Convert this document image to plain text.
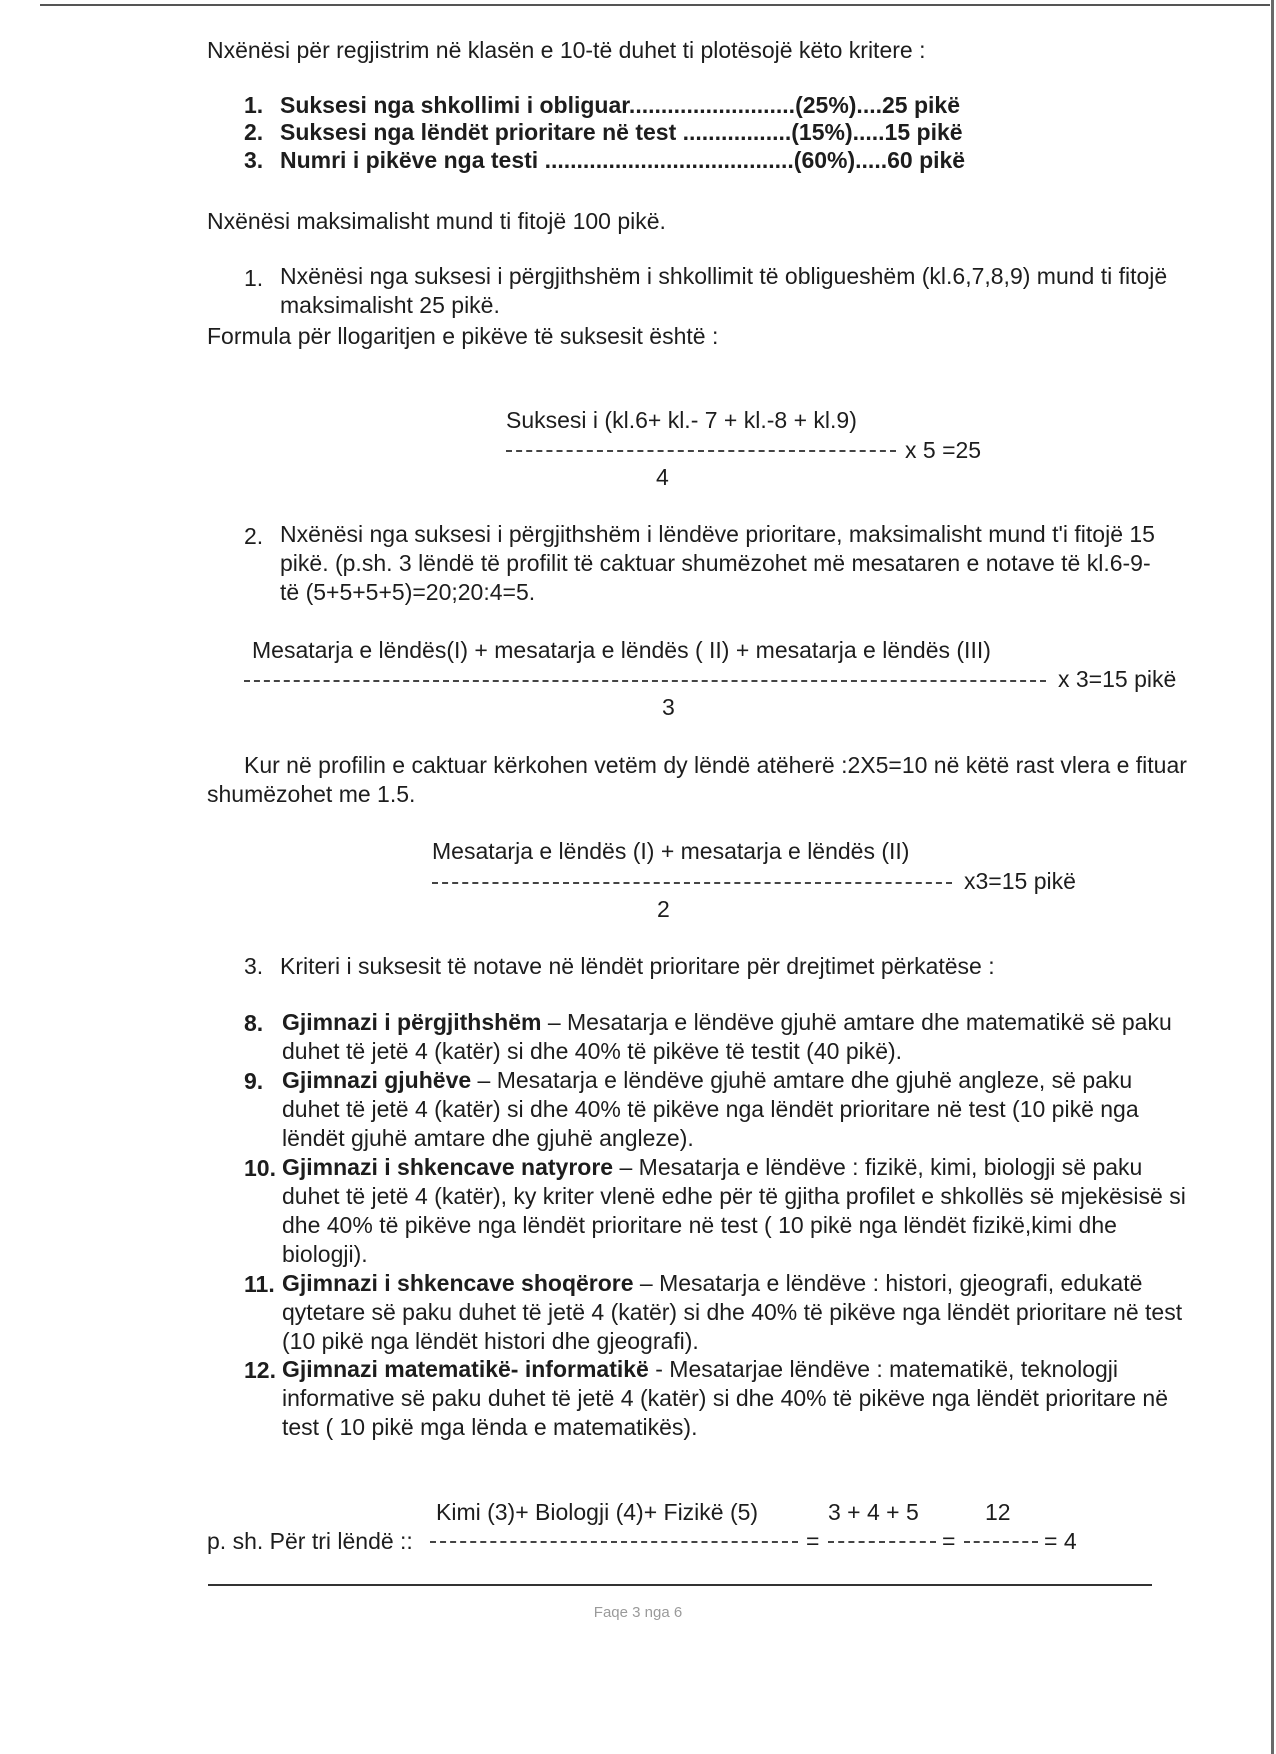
Nxënësi për regjistrim në klasën e 10-të duhet ti plotësojë këto kritere :
1. Suksesi nga shkollimi i obliguar..........................(25%)....25 pikë
2. Suksesi nga lëndët prioritare në test .................(15%).....15 pikë
3. Numri i pikëve nga testi .......................................(60%).....60 pikë
Nxënësi maksimalisht mund ti fitojë 100 pikë.
1. Nxënësi nga suksesi i përgjithshëm i shkollimit të obligueshëm (kl.6,7,8,9) mund ti fitojë maksimalisht 25 pikë.
Formula për llogaritjen e pikëve të suksesit është :
Suksesi i (kl.6+ kl.- 7 + kl.-8 + kl.9)
x 5 =25
4
2. Nxënësi nga suksesi i përgjithshëm i lëndëve prioritare, maksimalisht mund t'i fitojë 15 pikë. (p.sh. 3 lëndë të profilit të caktuar shumëzohet më mesataren e notave të kl.6-9-të (5+5+5+5)=20;20:4=5.
Mesatarja e lëndës(I) + mesatarja e lëndës ( II) + mesatarja e lëndës (III)
x 3=15 pikë
3
Kur në profilin e caktuar kërkohen vetëm dy lëndë atëherë :2X5=10 në këtë rast vlera e fituar shumëzohet me 1.5.
Mesatarja e lëndës (I) + mesatarja e lëndës (II)
x3=15 pikë
2
3. Kriteri i suksesit të notave në lëndët prioritare për drejtimet përkatëse :
8. Gjimnazi i përgjithshëm – Mesatarja e lëndëve gjuhë amtare dhe matematikë së paku duhet të jetë 4 (katër) si dhe 40% të pikëve të testit (40 pikë).
9. Gjimnazi gjuhëve – Mesatarja e lëndëve gjuhë amtare dhe gjuhë angleze, së paku duhet të jetë 4 (katër) si dhe 40% të pikëve nga lëndët prioritare në test (10 pikë nga lëndët gjuhë amtare dhe gjuhë angleze).
10. Gjimnazi i shkencave natyrore – Mesatarja e lëndëve : fizikë, kimi, biologji së paku duhet të jetë 4 (katër), ky kriter vlenë edhe për të gjitha profilet e shkollës së mjekësisë si dhe 40% të pikëve nga lëndët prioritare në test ( 10 pikë nga lëndët fizikë,kimi dhe biologji).
11. Gjimnazi i shkencave shoqërore – Mesatarja e lëndëve : histori, gjeografi, edukatë qytetare së paku duhet të jetë 4 (katër) si dhe 40% të pikëve nga lëndët prioritare në test (10 pikë nga lëndët histori dhe gjeografi).
12. Gjimnazi matematikë- informatikë - Mesatarjae lëndëve : matematikë, teknologji informative së paku duhet të jetë 4 (katër) si dhe 40% të pikëve nga lëndët prioritare në test ( 10 pikë mga lënda e matematikës).
Kimi (3)+ Biologji (4)+ Fizikë (5)	3 + 4 + 5	12
p. sh. Për tri lëndë ::	=	=	= 4
Faqe 3 nga 6
